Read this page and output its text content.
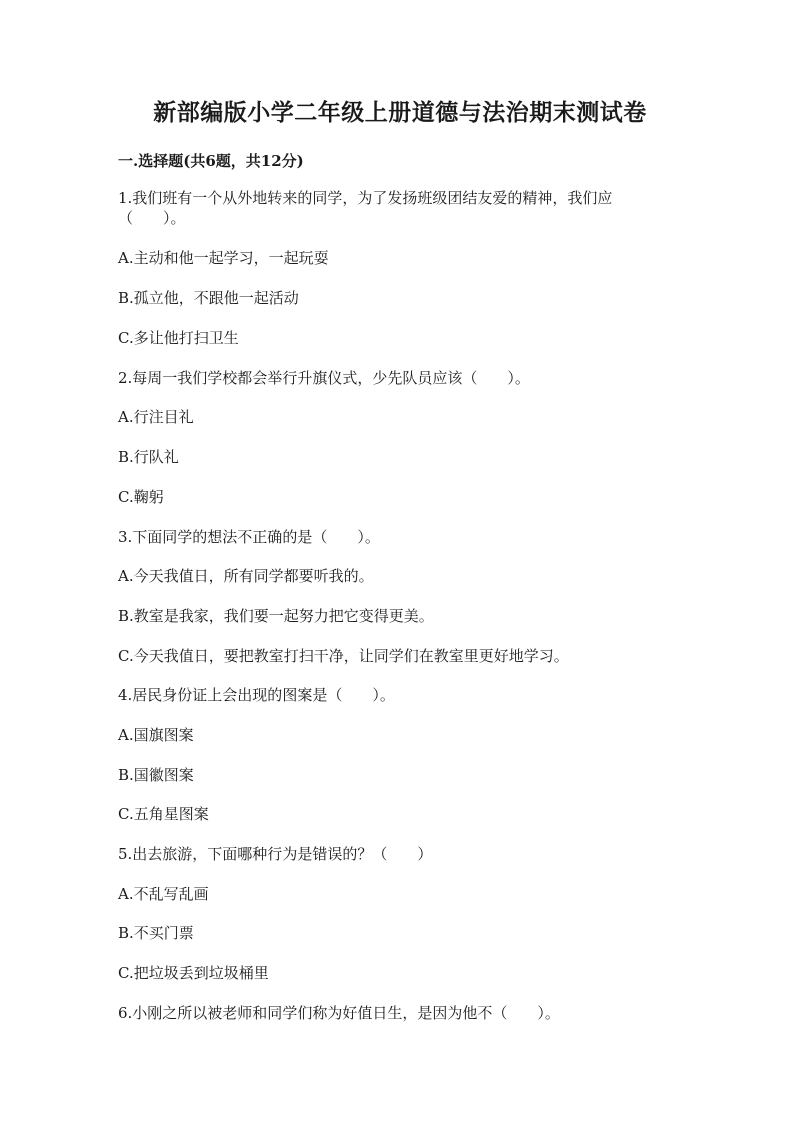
新部编版小学二年级上册道德与法治期末测试卷
一.选择题(共6题，共12分)
1.我们班有一个从外地转来的同学，为了发扬班级团结友爱的精神，我们应
（　　）。
A.主动和他一起学习，一起玩耍
B.孤立他，不跟他一起活动
C.多让他打扫卫生
2.每周一我们学校都会举行升旗仪式，少先队员应该（　　）。
A.行注目礼
B.行队礼
C.鞠躬
3.下面同学的想法不正确的是（　　）。
A.今天我值日，所有同学都要听我的。
B.教室是我家，我们要一起努力把它变得更美。
C.今天我值日，要把教室打扫干净，让同学们在教室里更好地学习。
4.居民身份证上会出现的图案是（　　）。
A.国旗图案
B.国徽图案
C.五角星图案
5.出去旅游，下面哪种行为是错误的？（　　）
A.不乱写乱画
B.不买门票
C.把垃圾丢到垃圾桶里
6.小刚之所以被老师和同学们称为好值日生，是因为他不（　　）。
